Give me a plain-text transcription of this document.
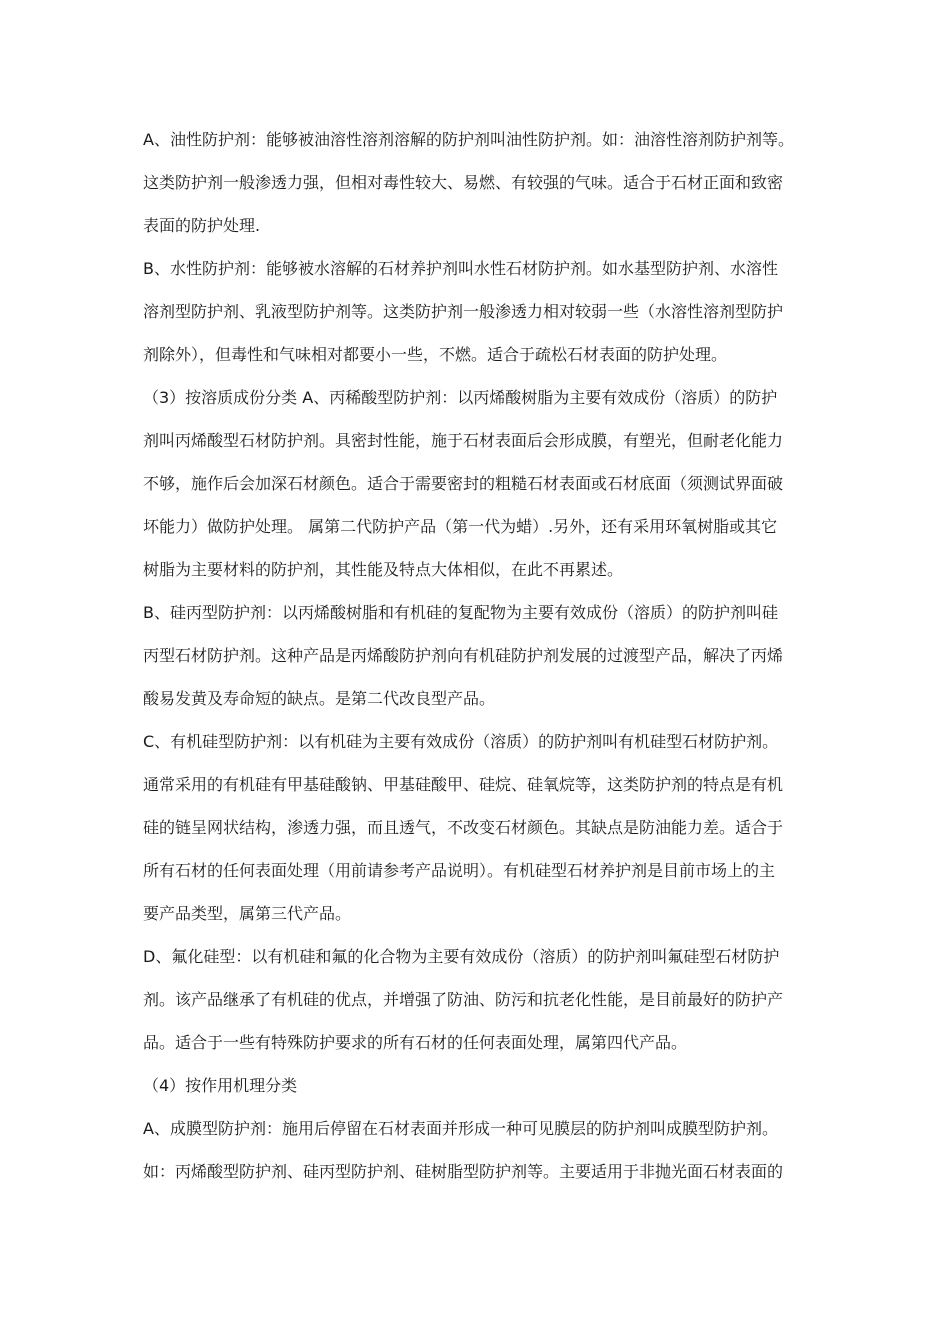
A、油性防护剂：能够被油溶性溶剂溶解的防护剂叫油性防护剂。如：油溶性溶剂防护剂等。
这类防护剂一般渗透力强，但相对毒性较大、易燃、有较强的气味。适合于石材正面和致密
表面的防护处理.
B、水性防护剂：能够被水溶解的石材养护剂叫水性石材防护剂。如水基型防护剂、水溶性
溶剂型防护剂、乳液型防护剂等。这类防护剂一般渗透力相对较弱一些（水溶性溶剂型防护
剂除外），但毒性和气味相对都要小一些，不燃。适合于疏松石材表面的防护处理。
（3）按溶质成份分类 A、丙稀酸型防护剂：以丙烯酸树脂为主要有效成份（溶质）的防护
剂叫丙烯酸型石材防护剂。具密封性能，施于石材表面后会形成膜，有塑光，但耐老化能力
不够，施作后会加深石材颜色。适合于需要密封的粗糙石材表面或石材底面（须测试界面破
坏能力）做防护处理。 属第二代防护产品（第一代为蜡）.另外，还有采用环氧树脂或其它
树脂为主要材料的防护剂，其性能及特点大体相似，在此不再累述。
B、硅丙型防护剂：以丙烯酸树脂和有机硅的复配物为主要有效成份（溶质）的防护剂叫硅
丙型石材防护剂。这种产品是丙烯酸防护剂向有机硅防护剂发展的过渡型产品，解决了丙烯
酸易发黄及寿命短的缺点。是第二代改良型产品。
C、有机硅型防护剂：以有机硅为主要有效成份（溶质）的防护剂叫有机硅型石材防护剂。
通常采用的有机硅有甲基硅酸钠、甲基硅酸甲、硅烷、硅氧烷等，这类防护剂的特点是有机
硅的链呈网状结构，渗透力强，而且透气，不改变石材颜色。其缺点是防油能力差。适合于
所有石材的任何表面处理（用前请参考产品说明）。有机硅型石材养护剂是目前市场上的主
要产品类型，属第三代产品。
D、氟化硅型：以有机硅和氟的化合物为主要有效成份（溶质）的防护剂叫氟硅型石材防护
剂。该产品继承了有机硅的优点，并增强了防油、防污和抗老化性能，是目前最好的防护产
品。适合于一些有特殊防护要求的所有石材的任何表面处理，属第四代产品。
（4）按作用机理分类
A、成膜型防护剂：施用后停留在石材表面并形成一种可见膜层的防护剂叫成膜型防护剂。
如：丙烯酸型防护剂、硅丙型防护剂、硅树脂型防护剂等。主要适用于非抛光面石材表面的
